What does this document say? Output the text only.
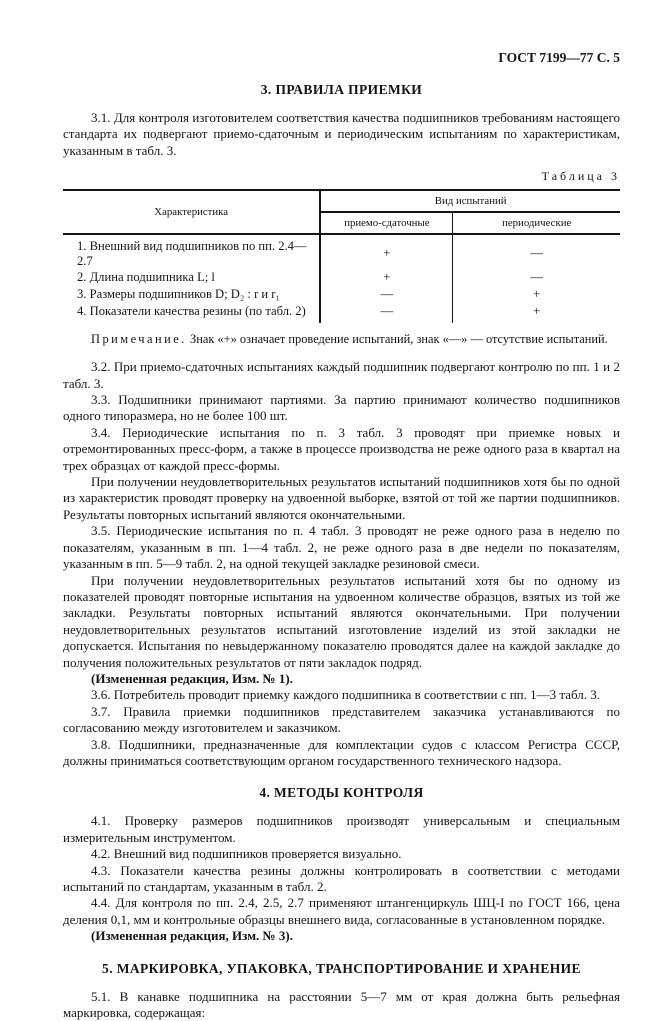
ГОСТ 7199—77 С. 5
3. ПРАВИЛА ПРИЕМКИ

3.1. Для контроля изготовителем соответствия качества подшипников требованиям настоящего стандарта их подвергают приемо-сдаточным и периодическим испытаниям по характеристикам, указанным в табл. 3.

Таблица 3
Характеристика	Вид испытаний	
	приемо-сдаточные	периодические
1. Внешний вид подшипников по пп. 2.4—2.7	+	—
2. Длина подшипника L; l	+	—
3. Размеры подшипников D; D₂ : r и r₁	—	+
4. Показатели качества резины (по табл. 2)	—	+

Примечание. Знак «+» означает проведение испытаний, знак «—» — отсутствие испытаний.

3.2. При приемо-сдаточных испытаниях каждый подшипник подвергают контролю по пп. 1 и 2 табл. 3.

3.3. Подшипники принимают партиями. За партию принимают количество подшипников одного типоразмера, но не более 100 шт.

3.4. Периодические испытания по п. 3 табл. 3 проводят при приемке новых и отремонтированных пресс-форм, а также в процессе производства не реже одного раза в квартал на трех образцах от каждой пресс-формы.

При получении неудовлетворительных результатов испытаний подшипников хотя бы по одной из характеристик проводят проверку на удвоенной выборке, взятой от той же партии подшипников. Результаты повторных испытаний являются окончательными.

3.5. Периодические испытания по п. 4 табл. 3 проводят не реже одного раза в неделю по показателям, указанным в пп. 1—4 табл. 2, не реже одного раза в две недели по показателям, указанным в пп. 5—9 табл. 2, на одной текущей закладке резиновой смеси.

При получении неудовлетворительных результатов испытаний хотя бы по одному из показателей проводят повторные испытания на удвоенном количестве образцов, взятых из той же закладки. Результаты повторных испытаний являются окончательными. При получении неудовлетворительных результатов испытаний изготовление изделий из этой закладки не допускается. Испытания по невыдержанному показателю проводятся далее на каждой закладке до получения положительных результатов от пяти закладок подряд.

(Измененная редакция, Изм. № 1).

3.6. Потребитель проводит приемку каждого подшипника в соответствии с пп. 1—3 табл. 3.

3.7. Правила приемки подшипников представителем заказчика устанавливаются по согласованию между изготовителем и заказчиком.

3.8. Подшипники, предназначенные для комплектации судов с классом Регистра СССР, должны приниматься соответствующим органом государственного технического надзора.

4. МЕТОДЫ КОНТРОЛЯ

4.1. Проверку размеров подшипников производят универсальным и специальным измерительным инструментом.

4.2. Внешний вид подшипников проверяется визуально.

4.3. Показатели качества резины должны контролировать в соответствии с методами испытаний по стандартам, указанным в табл. 2.

4.4. Для контроля по пп. 2.4, 2.5, 2.7 применяют штангенциркуль ШЦ-I по ГОСТ 166, цена деления 0,1, мм и контрольные образцы внешнего вида, согласованные в установленном порядке.

(Измененная редакция, Изм. № 3).

5. МАРКИРОВКА, УПАКОВКА, ТРАНСПОРТИРОВАНИЕ И ХРАНЕНИЕ

5.1. В канавке подшипника на расстоянии 5—7 мм от края должна быть рельефная маркировка, содержащая:
